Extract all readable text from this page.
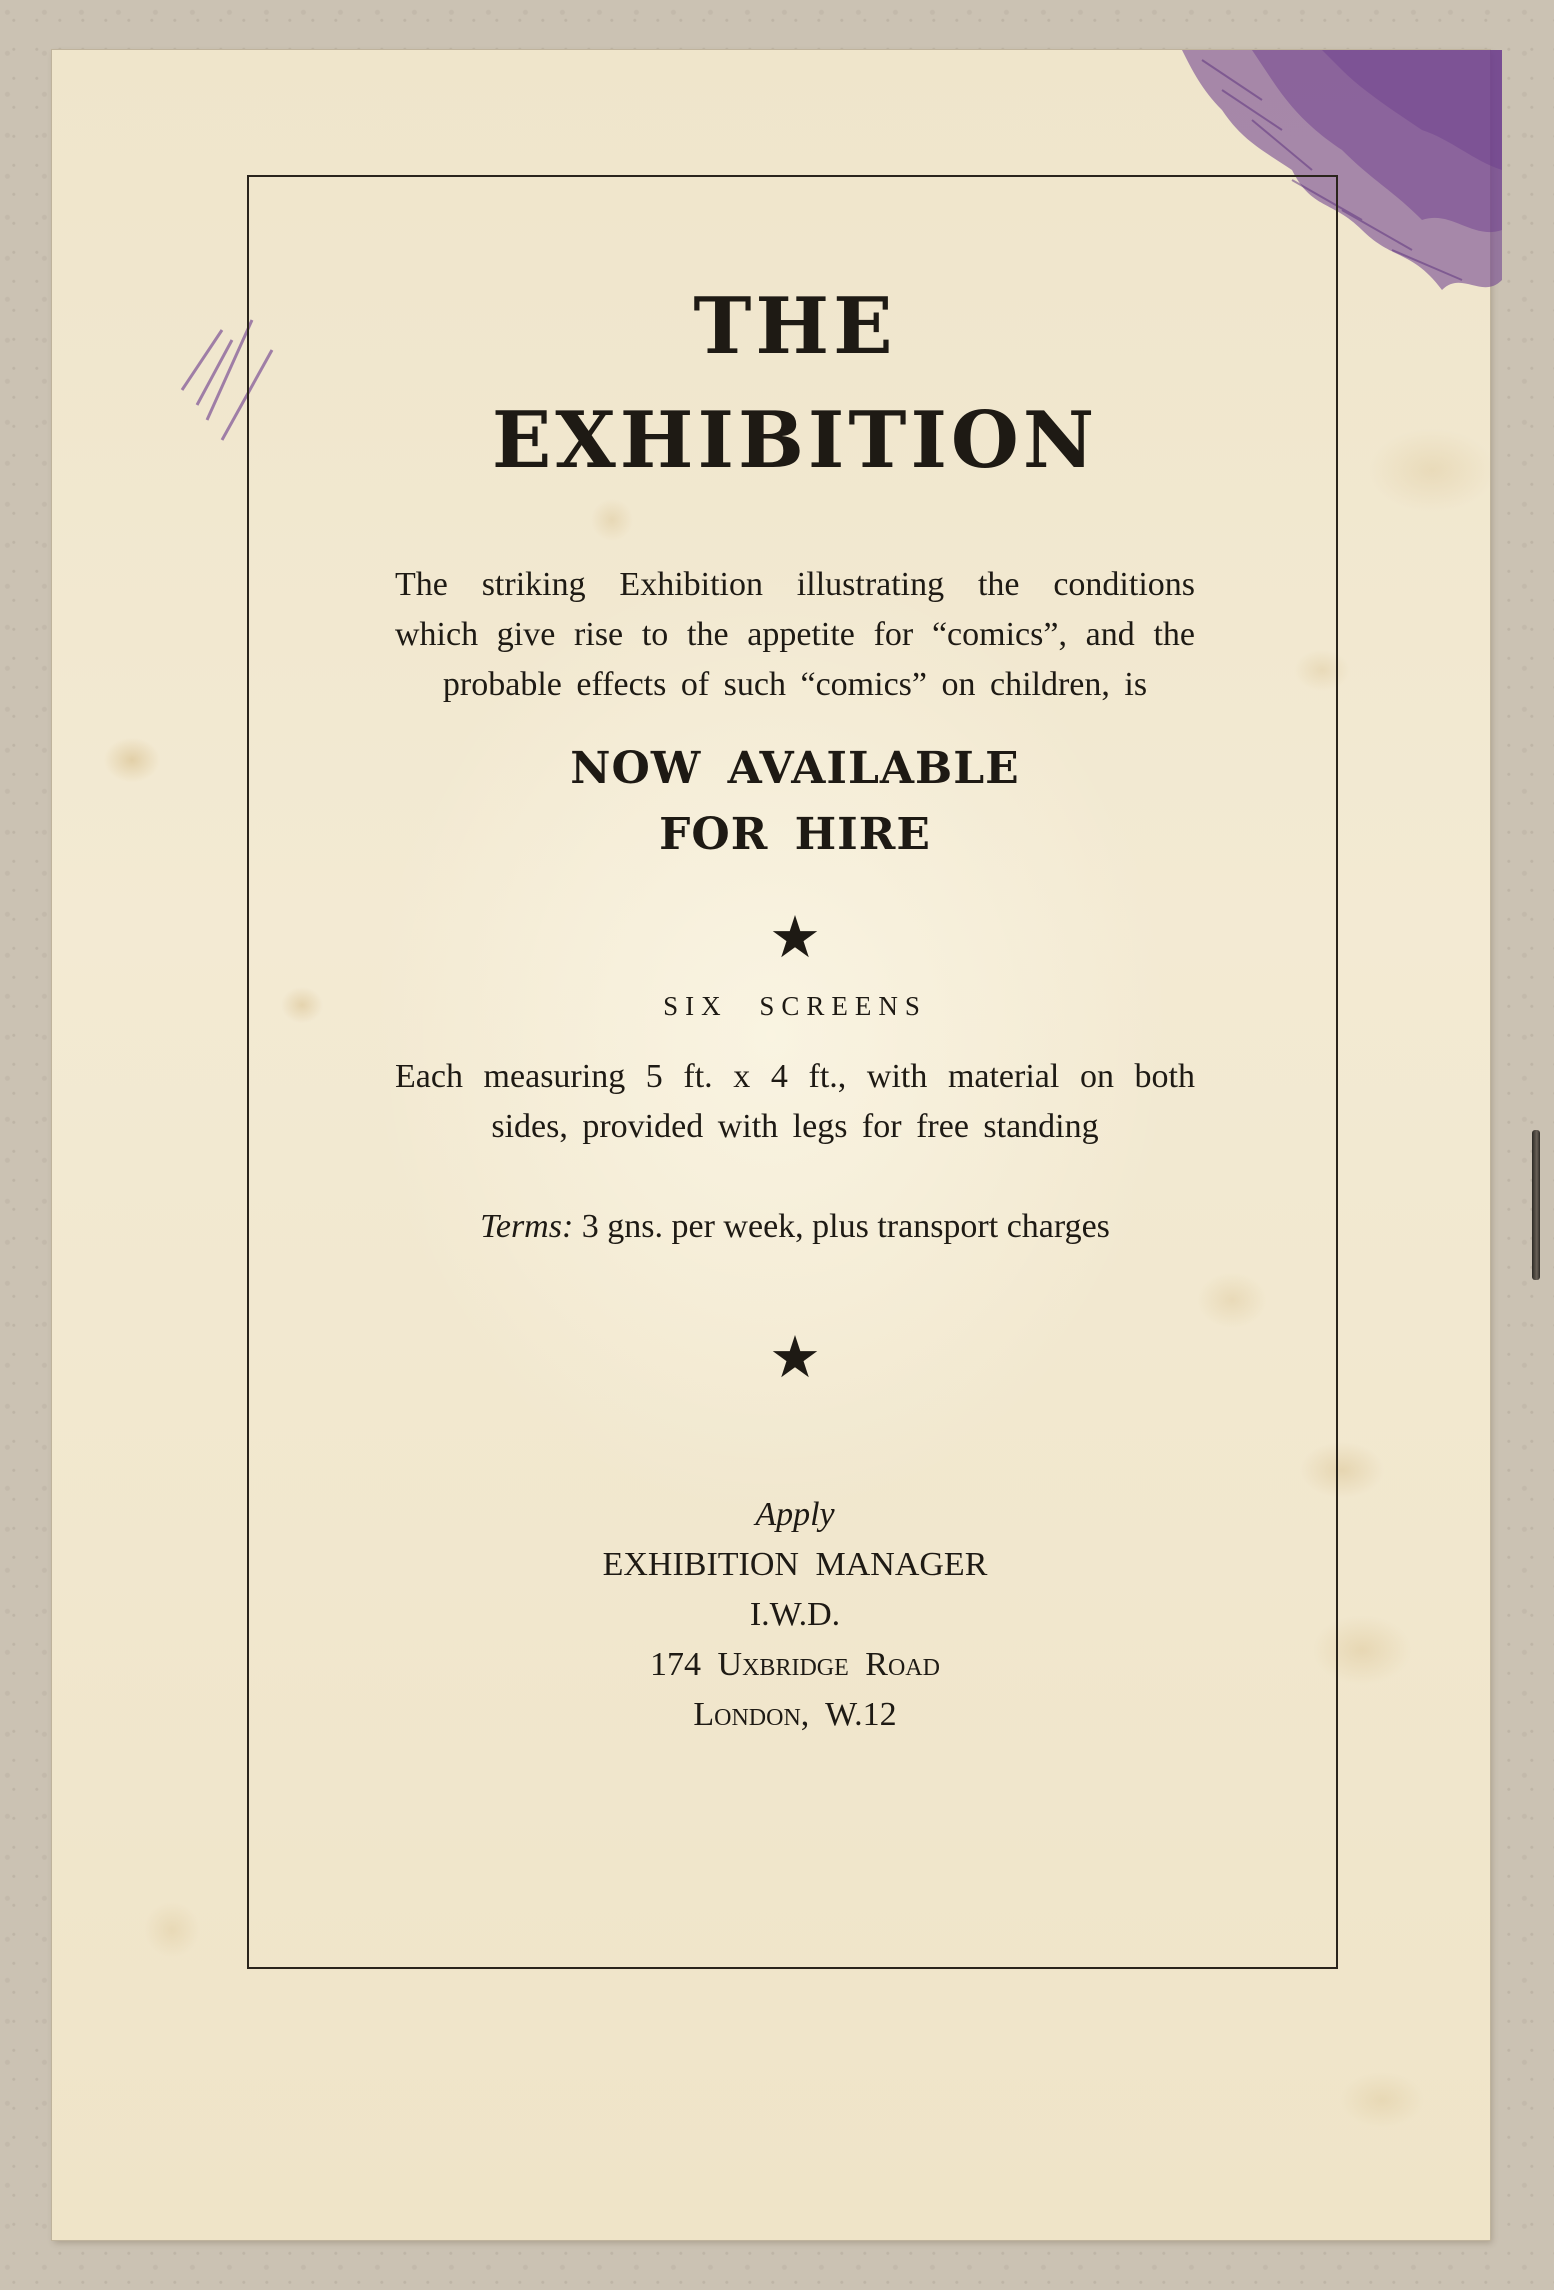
THE
EXHIBITION

The striking Exhibition illustrating the conditions which give rise to the appetite for “comics”, and the probable effects of such “comics” on children, is

NOW AVAILABLE
FOR HIRE
★
SIX SCREENS

Each measuring 5 ft. x 4 ft., with material on both sides, provided with legs for free standing

Terms: 3 gns. per week, plus transport charges

★

Apply

EXHIBITION MANAGER

I.W.D.

174 Uxbridge Road

London, W.12
